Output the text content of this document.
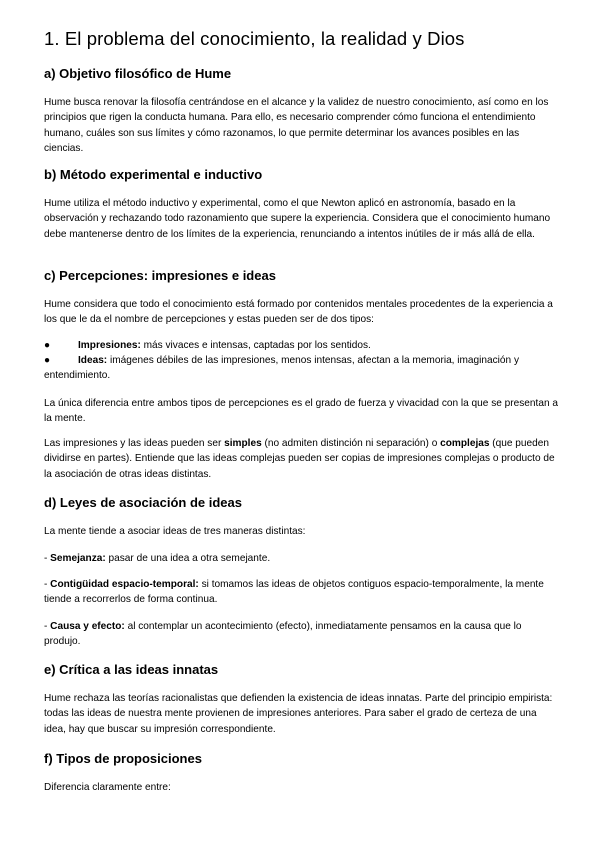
1. El problema del conocimiento, la realidad y Dios
a) Objetivo filosófico de Hume

Hume busca renovar la filosofía centrándose en el alcance y la validez de nuestro conocimiento, así como en los principios que rigen la conducta humana. Para ello, es necesario comprender cómo funciona el entendimiento humano, cuáles son sus límites y cómo razonamos, lo que permite determinar los avances posibles en las ciencias.

b) Método experimental e inductivo

Hume utiliza el método inductivo y experimental, como el que Newton aplicó en astronomía, basado en la observación y rechazando todo razonamiento que supere la experiencia. Considera que el conocimiento humano debe mantenerse dentro de los límites de la experiencia, renunciando a intentos inútiles de ir más allá de ella.

c) Percepciones: impresiones e ideas

Hume considera que todo el conocimiento está formado por contenidos mentales procedentes de la experiencia a los que le da el nombre de percepciones y estas pueden ser de dos tipos:

●	Impresiones: más vivaces e intensas, captadas por los sentidos.
●	Ideas: imágenes débiles de las impresiones, menos intensas, afectan a la memoria, imaginación y entendimiento.

La única diferencia entre ambos tipos de percepciones es el grado de fuerza y vivacidad con la que se presentan a la mente.

Las impresiones y las ideas pueden ser simples (no admiten distinción ni separación) o complejas (que pueden dividirse en partes). Entiende que las ideas complejas pueden ser copias de impresiones complejas o producto de la asociación de otras ideas distintas.

d) Leyes de asociación de ideas

La mente tiende a asociar ideas de tres maneras distintas:

- Semejanza: pasar de una idea a otra semejante.

- Contigüidad espacio-temporal: si tomamos las ideas de objetos contiguos espacio-temporalmente, la mente tiende a recorrerlos de forma continua.

- Causa y efecto: al contemplar un acontecimiento (efecto), inmediatamente pensamos en la causa que lo produjo.

e) Crítica a las ideas innatas

Hume rechaza las teorías racionalistas que defienden la existencia de ideas innatas. Parte del principio empirista: todas las ideas de nuestra mente provienen de impresiones anteriores. Para saber el grado de certeza de una idea, hay que buscar su impresión correspondiente.

f) Tipos de proposiciones

Diferencia claramente entre:
